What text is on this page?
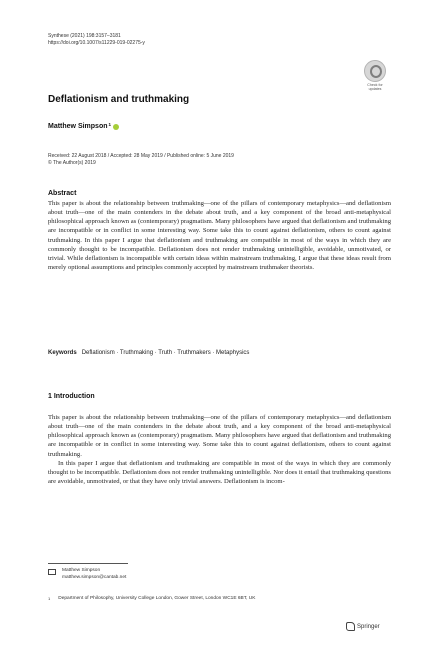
Synthese (2021) 198:3157–3181
https://doi.org/10.1007/s11229-019-02275-y
Check for
updates
Deflationism and truthmaking
Matthew Simpson$^1$
Received: 22 August 2018 / Accepted: 28 May 2019 / Published online: 5 June 2019
© The Author(s) 2019
Abstract

This paper is about the relationship between truthmaking—one of the pillars of contemporary metaphysics—and deflationism about truth—one of the main contenders in the debate about truth, and a key component of the broad anti-metaphysical philosophical approach known as (contemporary) pragmatism. Many philosophers have argued that deflationism and truthmaking are incompatible or in conflict in some interesting way. Some take this to count against deflationism, others to count against truthmaking. In this paper I argue that deflationism and truthmaking are compatible in most of the ways in which they are commonly thought to be incompatible. Deflationism does not render truthmaking unintelligible, avoidable, unmotivated, or trivial. While deflationism is incompatible with certain ideas within mainstream truthmaking, I argue that these ideas result from merely optional assumptions and principles commonly accepted by mainstream truthmaker theorists.

Keywords Deflationism · Truthmaking · Truth · Truthmakers · Metaphysics
1 Introduction

This paper is about the relationship between truthmaking—one of the pillars of contemporary metaphysics—and deflationism about truth—one of the main contenders in the debate about truth, and a key component of the broad anti-metaphysical philosophical approach known as (contemporary) pragmatism. Many philosophers have argued that deflationism and truthmaking are incompatible or in conflict in some interesting way. Some take this to count against deflationism, others to count against truthmaking.

In this paper I argue that deflationism and truthmaking are compatible in most of the ways in which they are commonly thought to be incompatible. Deflationism does not render truthmaking unintelligible. Nor does it entail that truthmaking questions are avoidable, unmotivated, or that they have only trivial answers. Deflationism is incom-

Matthew Simpson
matthew.simpson@cantab.net
1 Department of Philosophy, University College London, Gower Street, London WC1E 6BT, UK
Springer
